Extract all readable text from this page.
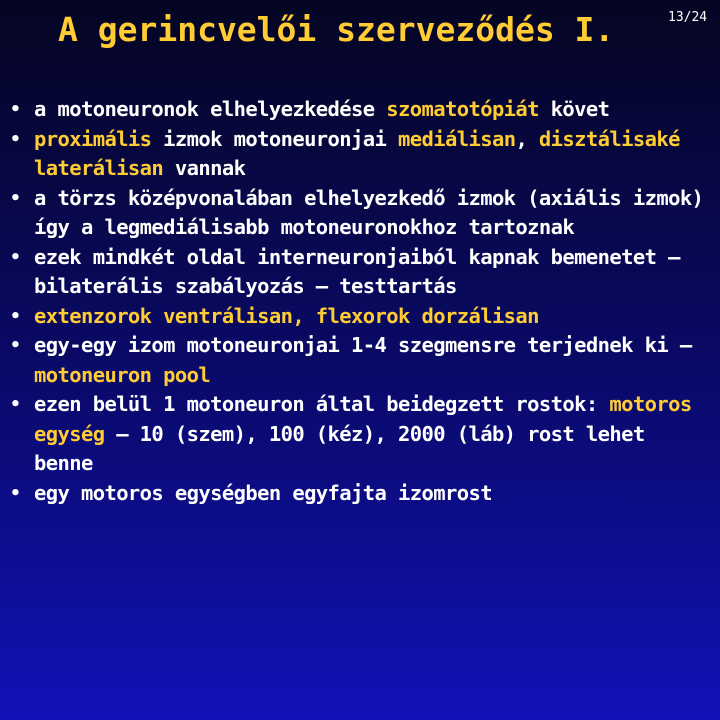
A gerincvelői szerveződés I.	13/24
• a motoneuronok elhelyezkedése szomatotópiát követ
• proximális izmok motoneuronjai mediálisan, disztálisaké laterálisan vannak
• a törzs középvonalában elhelyezkedő izmok (axiális izmok) így a legmediálisabb motoneuronokhoz tartoznak
• ezek mindkét oldal interneuronjaiból kapnak bemenetet – bilaterális szabályozás – testtartás
• extenzorok ventrálisan, flexorok dorzálisan
• egy-egy izom motoneuronjai 1-4 szegmensre terjednek ki – motoneuron pool
• ezen belül 1 motoneuron által beidegzett rostok: motoros egység – 10 (szem), 100 (kéz), 2000 (láb) rost lehet benne
• egy motoros egységben egyfajta izomrost
